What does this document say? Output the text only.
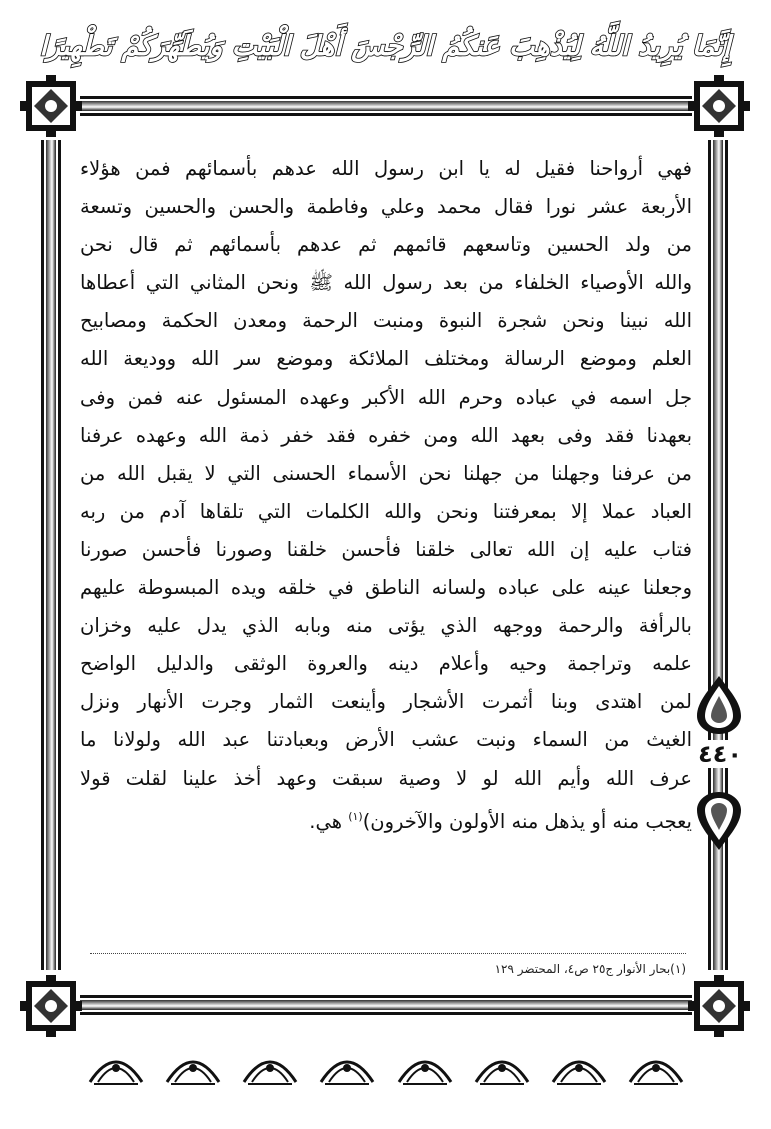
إِنَّمَا يُرِيدُ اللَّهُ لِيُذْهِبَ عَنكُمُ الرِّجْسَ أَهْلَ الْبَيْتِ وَيُطَهِّرَكُمْ تَطْهِيرًا
٤٤٠
فهي أرواحنا فقيل له يا ابن رسول الله عدهم بأسمائهم فمن هؤلاء
الأربعة عشر نورا فقال محمد وعلي وفاطمة والحسن والحسين وتسعة
من ولد الحسين وتاسعهم قائمهم ثم عدهم بأسمائهم ثم قال نحن
والله الأوصياء الخلفاء من بعد رسول الله ﷺ ونحن المثاني التي أعطاها
الله نبينا ونحن شجرة النبوة ومنبت الرحمة ومعدن الحكمة ومصابيح
العلم وموضع الرسالة ومختلف الملائكة وموضع سر الله ووديعة الله
جل اسمه في عباده وحرم الله الأكبر وعهده المسئول عنه فمن وفى
بعهدنا فقد وفى بعهد الله ومن خفره فقد خفر ذمة الله وعهده عرفنا
من عرفنا وجهلنا من جهلنا نحن الأسماء الحسنى التي لا يقبل الله من
العباد عملا إلا بمعرفتنا ونحن والله الكلمات التي تلقاها آدم من ربه
فتاب عليه إن الله تعالى خلقنا فأحسن خلقنا وصورنا فأحسن صورنا
وجعلنا عينه على عباده ولسانه الناطق في خلقه ويده المبسوطة عليهم
بالرأفة والرحمة ووجهه الذي يؤتى منه وبابه الذي يدل عليه وخزان
علمه وتراجمة وحيه وأعلام دينه والعروة الوثقى والدليل الواضح
لمن اهتدى وبنا أثمرت الأشجار وأينعت الثمار وجرت الأنهار ونزل
الغيث من السماء ونبت عشب الأرض وبعبادتنا عبد الله ولولانا ما
عرف الله وأيم الله لو لا وصية سبقت وعهد أخذ علينا لقلت قولا
يعجب منه أو يذهل منه الأولون والآخرون)$^{(١)}$ هي.
(١)بحار الأنوار ج٢٥ ص٤، المحتضر ١٢٩
